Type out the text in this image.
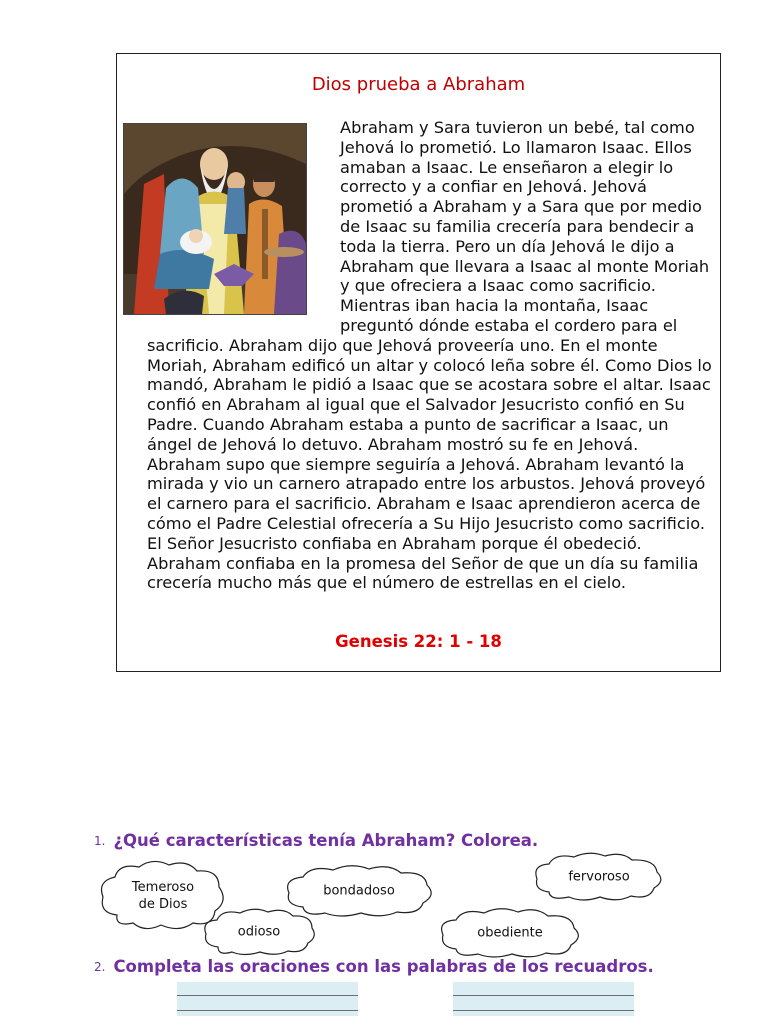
Dios prueba a Abraham
Abraham y Sara tuvieron un bebé, tal como Jehová lo prometió. Lo llamaron Isaac. Ellos amaban a Isaac. Le enseñaron a elegir lo correcto y a confiar en Jehová. Jehová prometió a Abraham y a Sara que por medio de Isaac su familia crecería para bendecir a toda la tierra. Pero un día Jehová le dijo a Abraham que llevara a Isaac al monte Moriah y que ofreciera a Isaac como sacrificio. Mientras iban hacia la montaña, Isaac preguntó dónde estaba el cordero para el sacrificio. Abraham dijo que Jehová proveería uno. En el monte Moriah, Abraham edificó un altar y colocó leña sobre él. Como Dios lo mandó, Abraham le pidió a Isaac que se acostara sobre el altar. Isaac confió en Abraham al igual que el Salvador Jesucristo confió en Su Padre. Cuando Abraham estaba a punto de sacrificar a Isaac, un ángel de Jehová lo detuvo. Abraham mostró su fe en Jehová. Abraham supo que siempre seguiría a Jehová. Abraham levantó la mirada y vio un carnero atrapado entre los arbustos. Jehová proveyó el carnero para el sacrificio. Abraham e Isaac aprendieron acerca de cómo el Padre Celestial ofrecería a Su Hijo Jesucristo como sacrificio. El Señor Jesucristo confiaba en Abraham porque él obedeció. Abraham confiaba en la promesa del Señor de que un día su familia crecería mucho más que el número de estrellas en el cielo.
Genesis 22: 1 - 18
1. ¿Qué características tenía Abraham? Colorea.
Temeroso
de Dios
bondadoso
odioso	obediente
fervoroso
2. Completa las oraciones con las palabras de los recuadros.
